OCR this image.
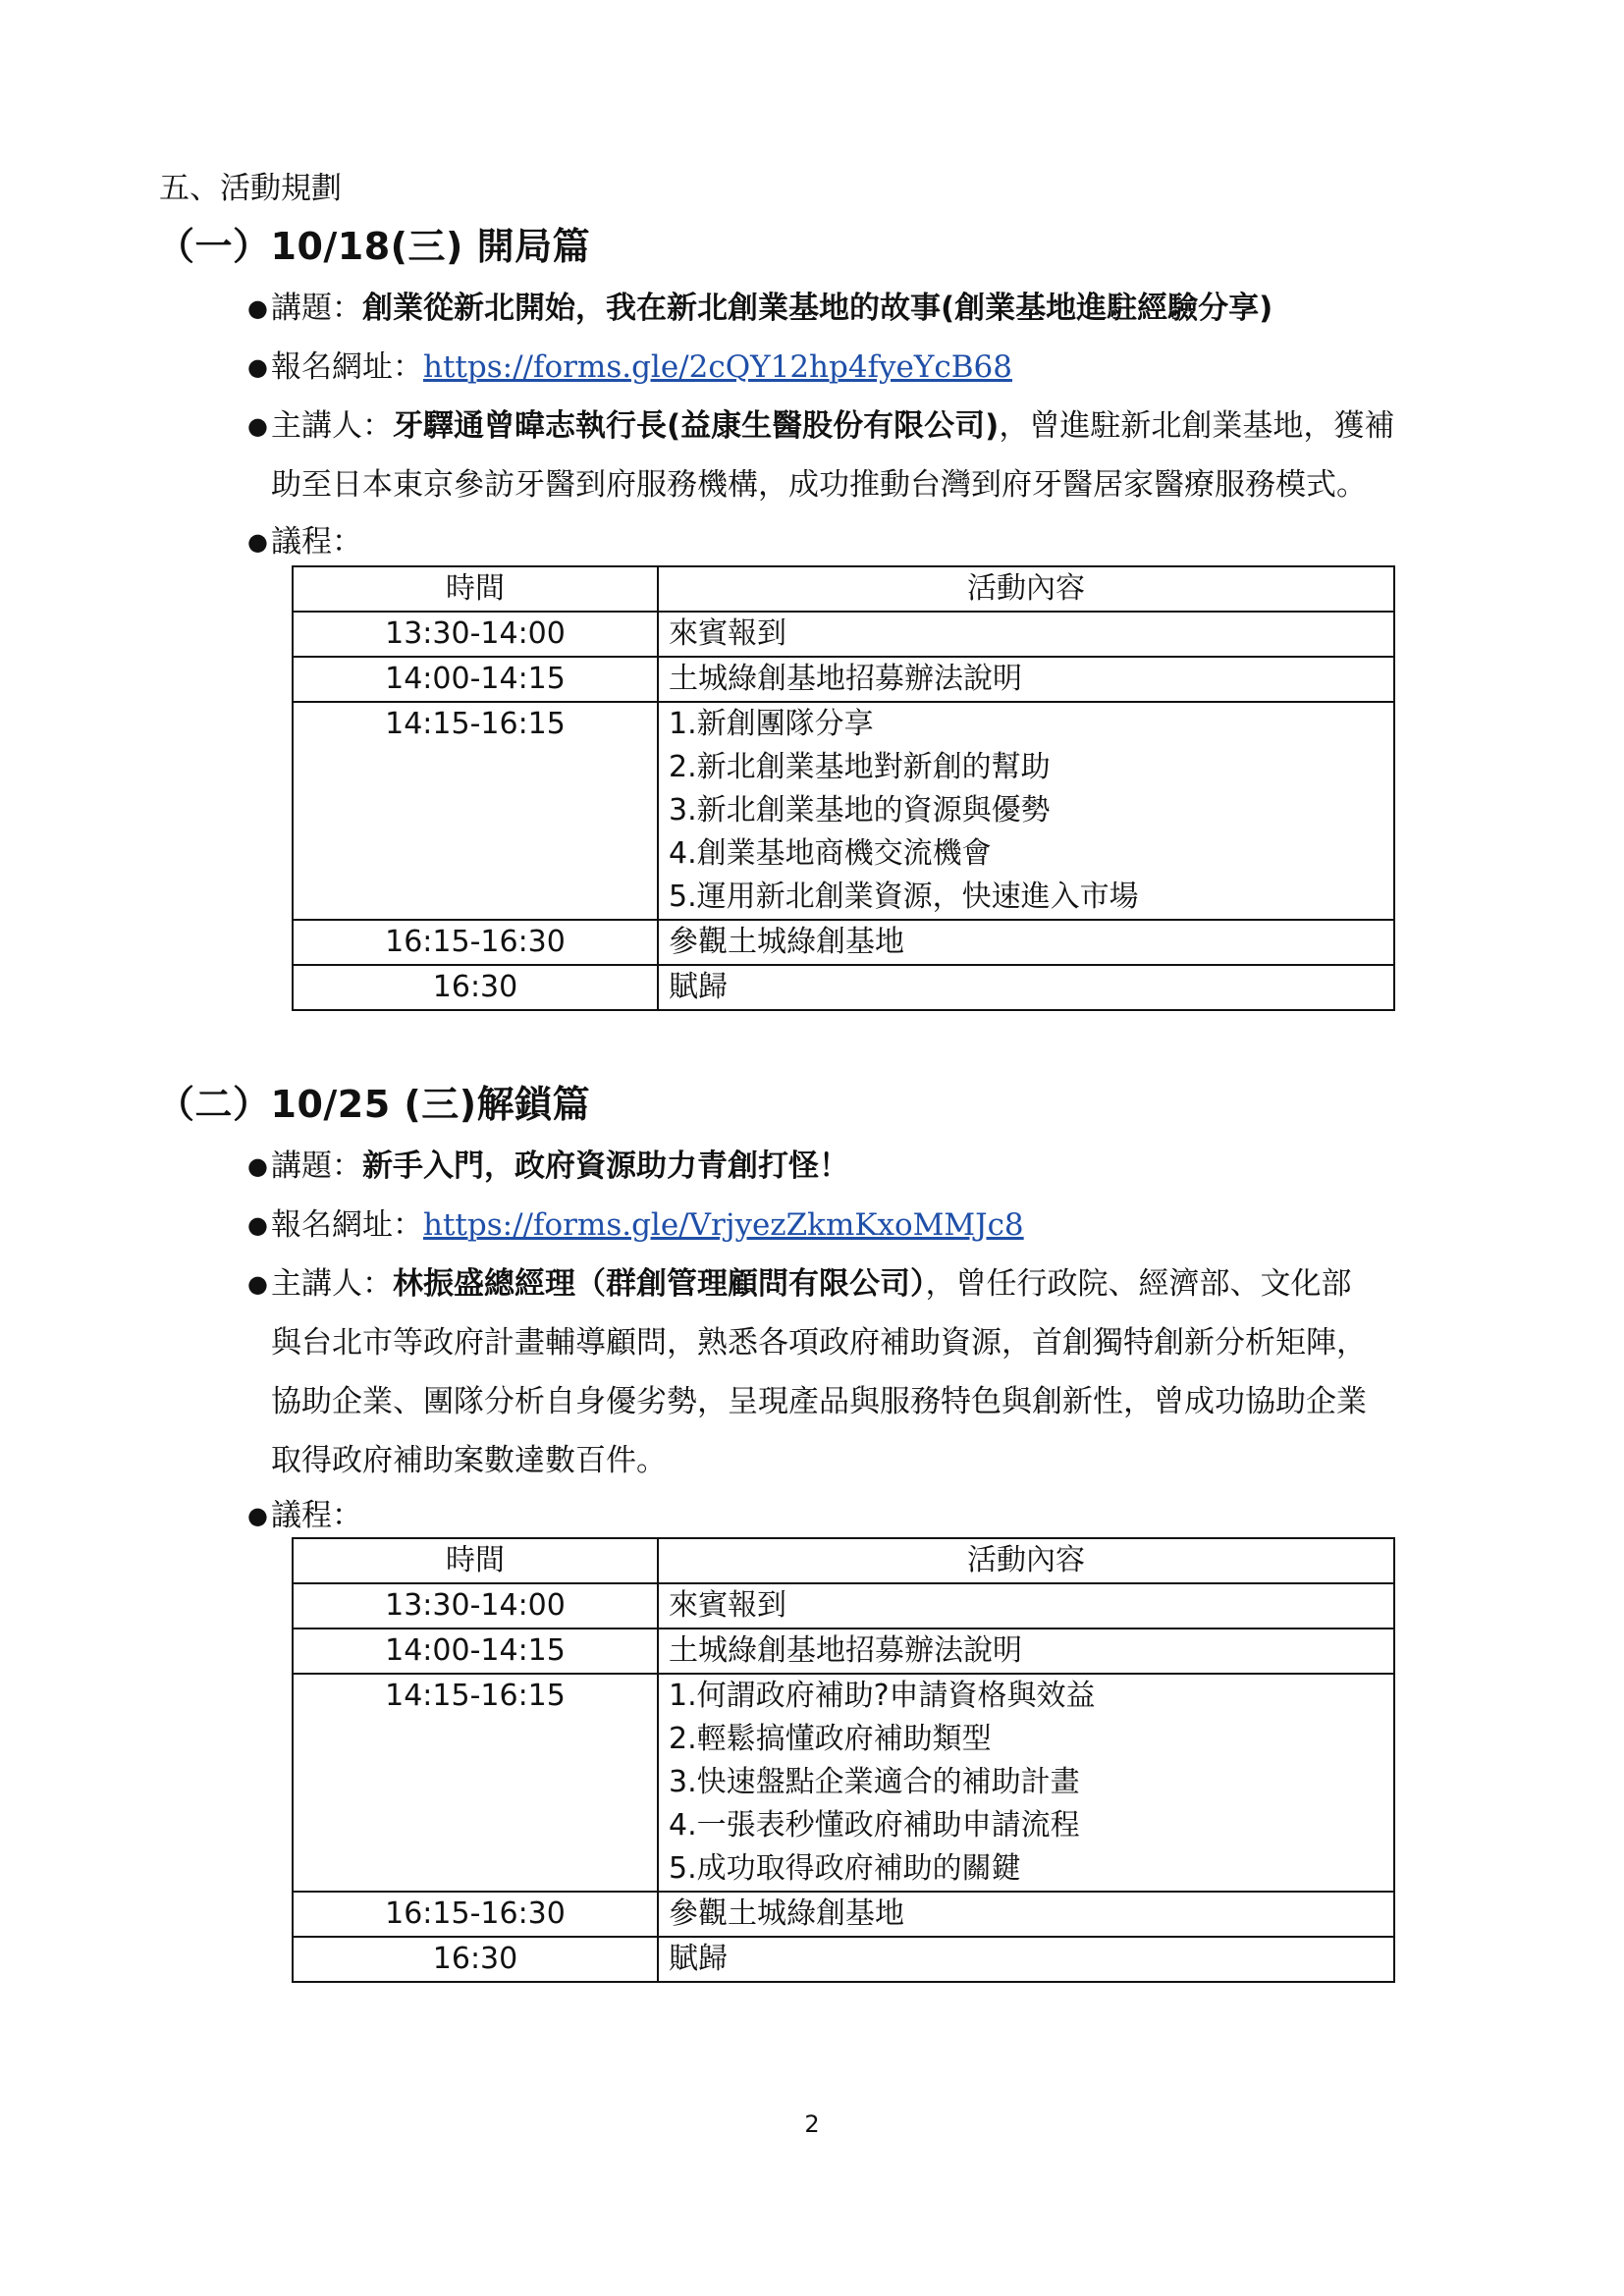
五、活動規劃
（一）10/18(三) 開局篇
● 講題：創業從新北開始，我在新北創業基地的故事(創業基地進駐經驗分享)
● 報名網址：https://forms.gle/2cQY12hp4fyeYcB68
● 主講人：牙驛通曾暐志執行長(益康生醫股份有限公司)，曾進駐新北創業基地，獲補
助至日本東京參訪牙醫到府服務機構，成功推動台灣到府牙醫居家醫療服務模式。
● 議程：
時間	活動內容
13:30-14:00	來賓報到
14:00-14:15	土城綠創基地招募辦法說明
14:15-16:15	1.新創團隊分享
2.新北創業基地對新創的幫助
3.新北創業基地的資源與優勢
4.創業基地商機交流機會
5.運用新北創業資源，快速進入市場

16:15-16:30	參觀土城綠創基地
16:30	賦歸
（二）10/25 (三)解鎖篇
● 講題：新手入門，政府資源助力青創打怪！
● 報名網址：https://forms.gle/VrjyezZkmKxoMMJc8
● 主講人：林振盛總經理（群創管理顧問有限公司），曾任行政院、經濟部、文化部
與台北市等政府計畫輔導顧問，熟悉各項政府補助資源，首創獨特創新分析矩陣，
協助企業、團隊分析自身優劣勢，呈現產品與服務特色與創新性，曾成功協助企業
取得政府補助案數達數百件。
● 議程：
時間	活動內容
13:30-14:00	來賓報到
14:00-14:15	土城綠創基地招募辦法說明
14:15-16:15	1.何謂政府補助?申請資格與效益
2.輕鬆搞懂政府補助類型
3.快速盤點企業適合的補助計畫
4.一張表秒懂政府補助申請流程
5.成功取得政府補助的關鍵

16:15-16:30	參觀土城綠創基地
16:30	賦歸
2
